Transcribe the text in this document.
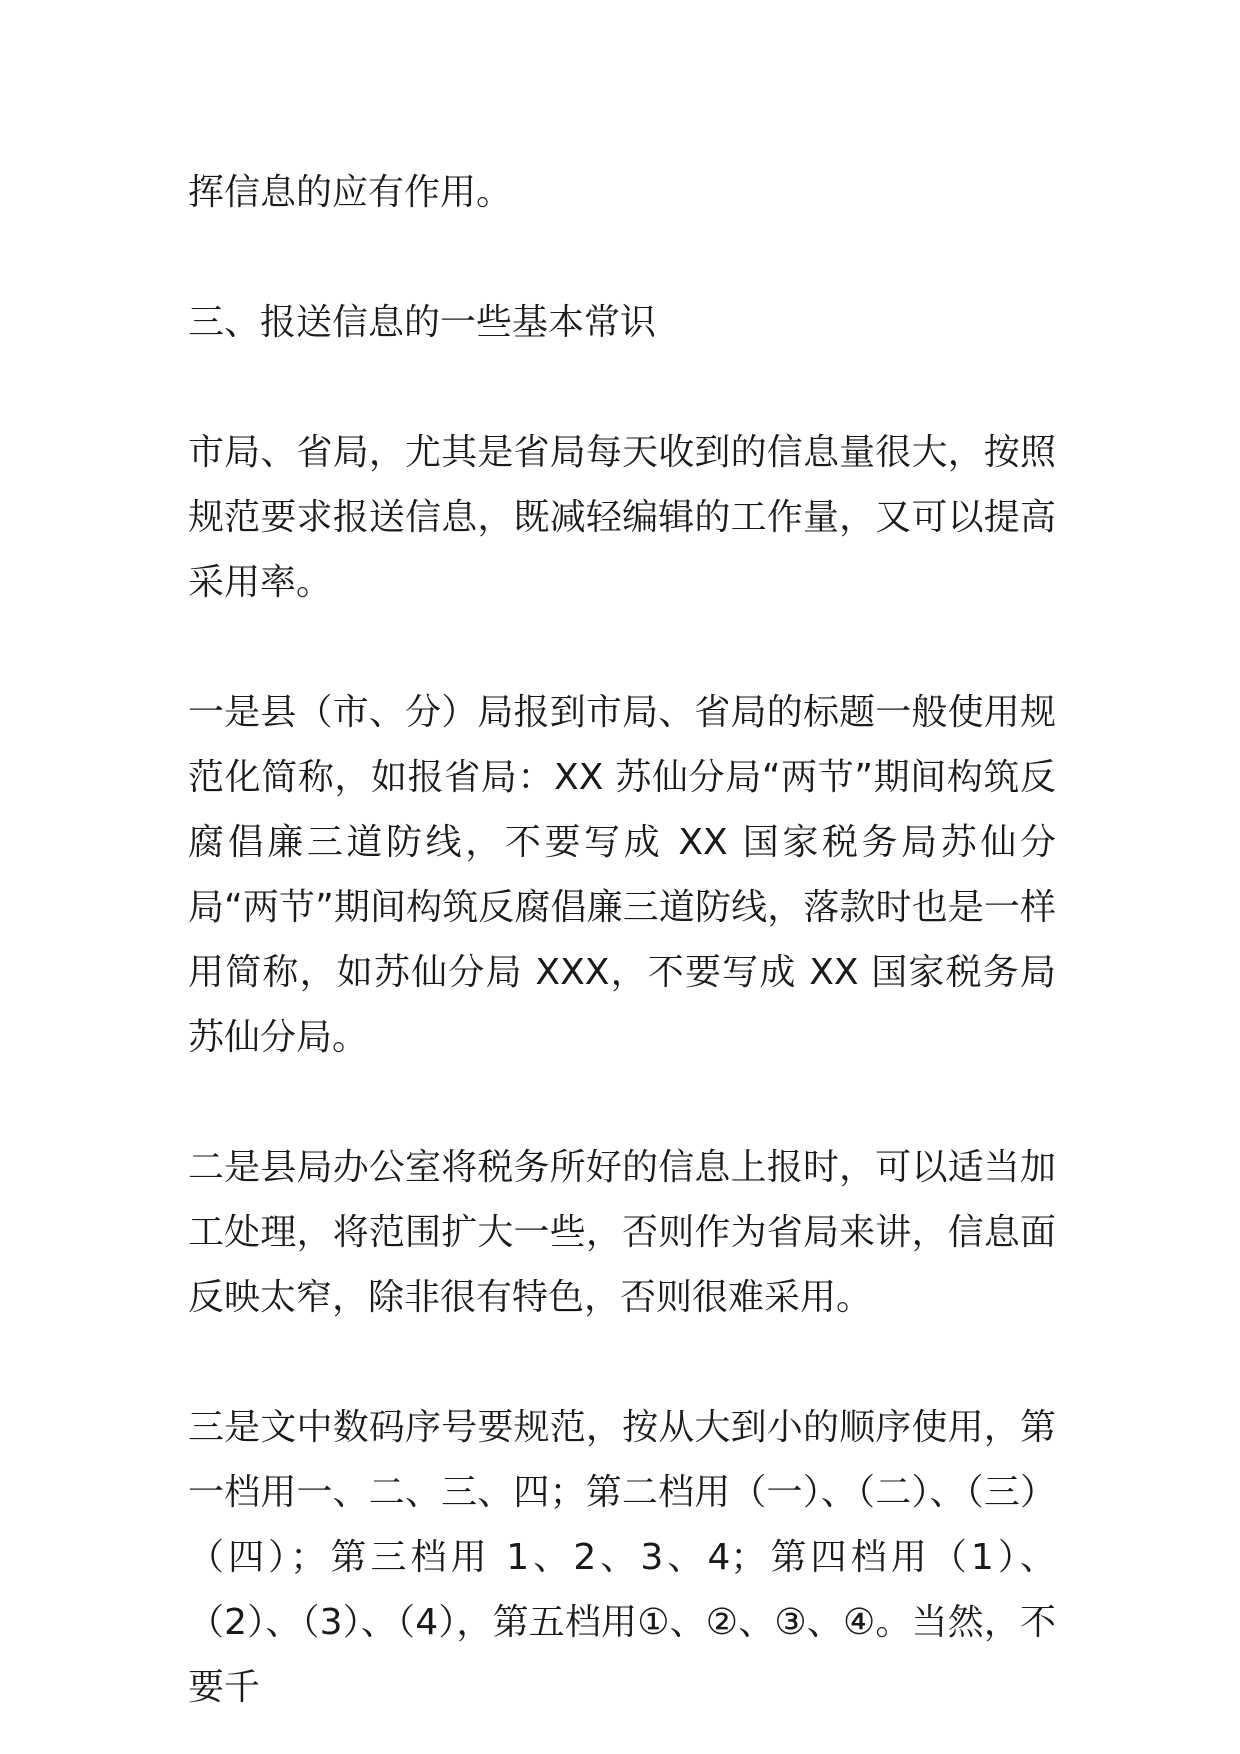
挥信息的应有作用。

三、报送信息的一些基本常识

市局、省局，尤其是省局每天收到的信息量很大，按照规范要求报送信息，既减轻编辑的工作量，又可以提高采用率。

一是县（市、分）局报到市局、省局的标题一般使用规范化简称，如报省局：XX 苏仙分局“两节”期间构筑反腐倡廉三道防线，不要写成 XX 国家税务局苏仙分局“两节”期间构筑反腐倡廉三道防线，落款时也是一样用简称，如苏仙分局 XXX，不要写成 XX 国家税务局苏仙分局。

二是县局办公室将税务所好的信息上报时，可以适当加工处理，将范围扩大一些，否则作为省局来讲，信息面反映太窄，除非很有特色，否则很难采用。

三是文中数码序号要规范，按从大到小的顺序使用，第一档用一、二、三、四；第二档用（一）、（二）、（三）（四）；第三档用 1、2、3、4；第四档用（1）、（2）、（3）、（4），第五档用①、②、③、④。当然，不要千
